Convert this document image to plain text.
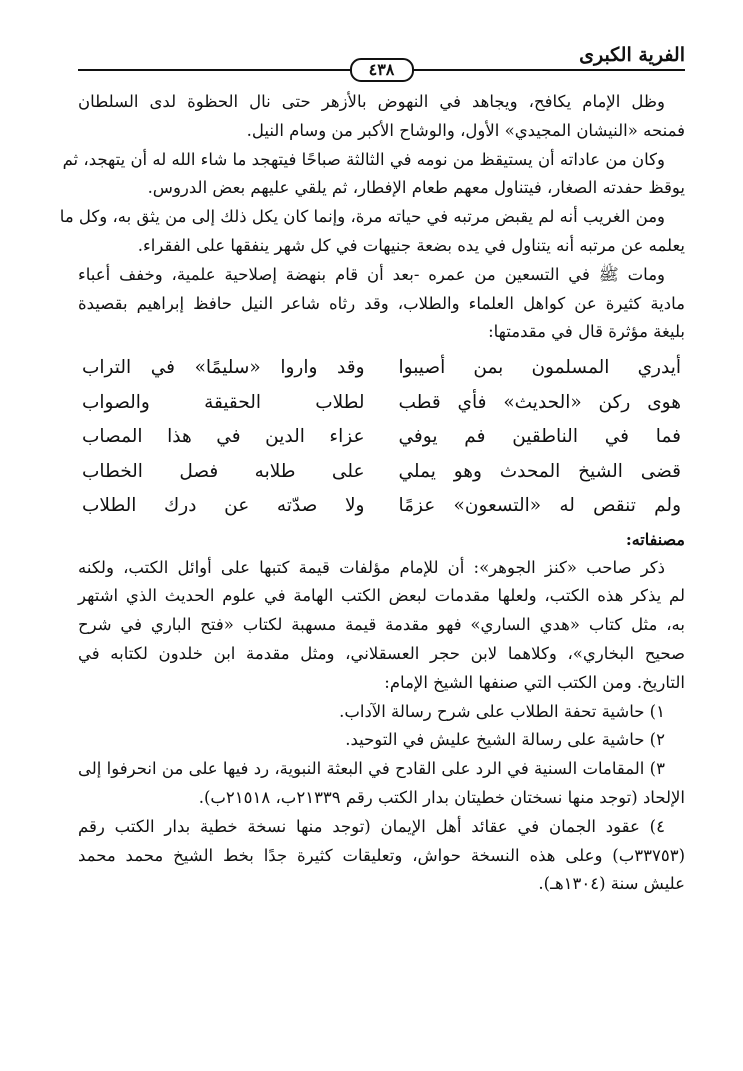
الفرية الكبرى
٤٣٨
وظل الإمام يكافح، ويجاهد في النهوض بالأزهر حتى نال الحظوة لدى السلطان
فمنحه «النيشان المجيدي» الأول، والوشاح الأكبر من وسام النيل.
وكان من عاداته أن يستيقظ من نومه في الثالثة صباحًا فيتهجد ما شاء الله له أن يتهجد، ثم
يوقظ حفدته الصغار، فيتناول معهم طعام الإفطار، ثم يلقي عليهم بعض الدروس.
ومن الغريب أنه لم يقبض مرتبه في حياته مرة، وإنما كان يكل ذلك إلى من يثق به، وكل ما
يعلمه عن مرتبه أنه يتناول في يده بضعة جنيهات في كل شهر ينفقها على الفقراء.
ومات ﷺ في التسعين من عمره -بعد أن قام بنهضة إصلاحية علمية، وخفف أعباء
مادية كثيرة عن كواهل العلماء والطلاب، وقد رثاه شاعر النيل حافظ إبراهيم بقصيدة
بليغة مؤثرة قال في مقدمتها:
أيدري المسلمون بمن أصيبوا
وقد واروا «سليمًا» في التراب
هوى ركن «الحديث» فأي قطب
لطلاب الحقيقة والصواب
فما في الناطقين فم يوفي
عزاء الدين في هذا المصاب
قضى الشيخ المحدث وهو يملي
على طلابه فصل الخطاب
ولم تنقص له «التسعون» عزمًا
ولا صدّته عن درك الطلاب
مصنفاته:
ذكر صاحب «كنز الجوهر»: أن للإمام مؤلفات قيمة كتبها على أوائل الكتب، ولكنه
لم يذكر هذه الكتب، ولعلها مقدمات لبعض الكتب الهامة في علوم الحديث الذي اشتهر
به، مثل كتاب «هدي الساري» فهو مقدمة قيمة مسهبة لكتاب «فتح الباري في شرح
صحيح البخاري»، وكلاهما لابن حجر العسقلاني، ومثل مقدمة ابن خلدون لكتابه في
التاريخ. ومن الكتب التي صنفها الشيخ الإمام:
١) حاشية تحفة الطلاب على شرح رسالة الآداب.
٢) حاشية على رسالة الشيخ عليش في التوحيد.
٣) المقامات السنية في الرد على القادح في البعثة النبوية، رد فيها على من انحرفوا إلى
الإلحاد (توجد منها نسختان خطيتان بدار الكتب رقم ٢١٣٣٩ب، ٢١٥١٨ب).
٤) عقود الجمان في عقائد أهل الإيمان (توجد منها نسخة خطية بدار الكتب رقم
(٣٣٧٥٣ب) وعلى هذه النسخة حواش، وتعليقات كثيرة جدًا بخط الشيخ محمد محمد
عليش سنة (١٣٠٤هـ).
